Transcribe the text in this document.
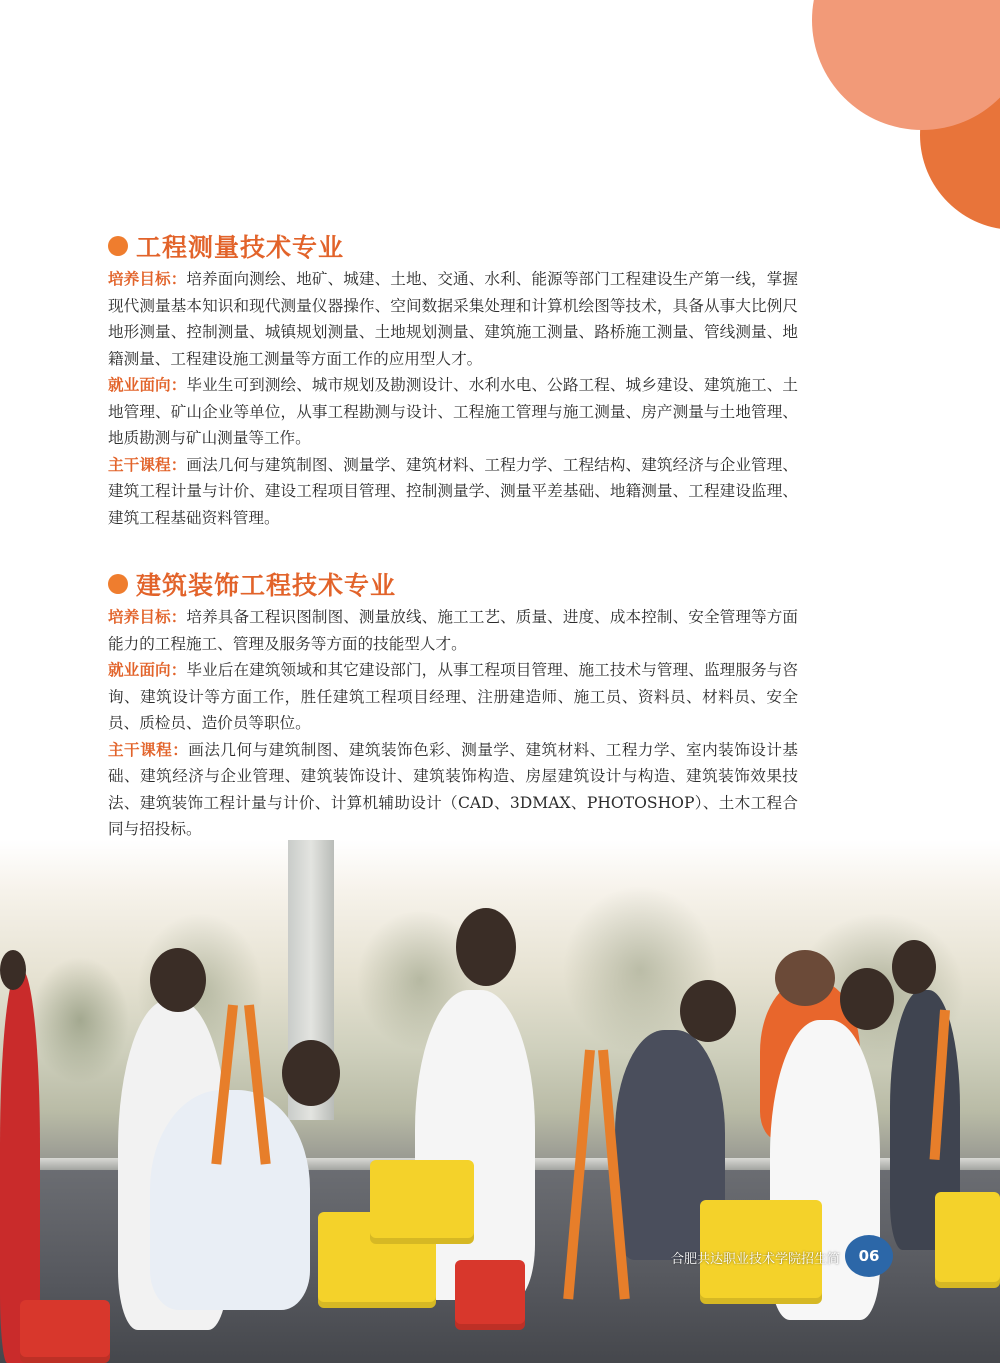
工程测量技术专业

培养目标：培养面向测绘、地矿、城建、土地、交通、水利、能源等部门工程建设生产第一线，掌握现代测量基本知识和现代测量仪器操作、空间数据采集处理和计算机绘图等技术，具备从事大比例尺地形测量、控制测量、城镇规划测量、土地规划测量、建筑施工测量、路桥施工测量、管线测量、地籍测量、工程建设施工测量等方面工作的应用型人才。

就业面向：毕业生可到测绘、城市规划及勘测设计、水利水电、公路工程、城乡建设、建筑施工、土地管理、矿山企业等单位，从事工程勘测与设计、工程施工管理与施工测量、房产测量与土地管理、地质勘测与矿山测量等工作。

主干课程：画法几何与建筑制图、测量学、建筑材料、工程力学、工程结构、建筑经济与企业管理、建筑工程计量与计价、建设工程项目管理、控制测量学、测量平差基础、地籍测量、工程建设监理、建筑工程基础资料管理。

建筑装饰工程技术专业

培养目标：培养具备工程识图制图、测量放线、施工工艺、质量、进度、成本控制、安全管理等方面能力的工程施工、管理及服务等方面的技能型人才。

就业面向：毕业后在建筑领域和其它建设部门，从事工程项目管理、施工技术与管理、监理服务与咨询、建筑设计等方面工作，胜任建筑工程项目经理、注册建造师、施工员、资料员、材料员、安全员、质检员、造价员等职位。

主干课程：画法几何与建筑制图、建筑装饰色彩、测量学、建筑材料、工程力学、室内装饰设计基础、建筑经济与企业管理、建筑装饰设计、建筑装饰构造、房屋建筑设计与构造、建筑装饰效果技法、建筑装饰工程计量与计价、计算机辅助设计（CAD、3DMAX、PHOTOSHOP）、土木工程合同与招投标。

合肥共达职业技术学院招生简	06
